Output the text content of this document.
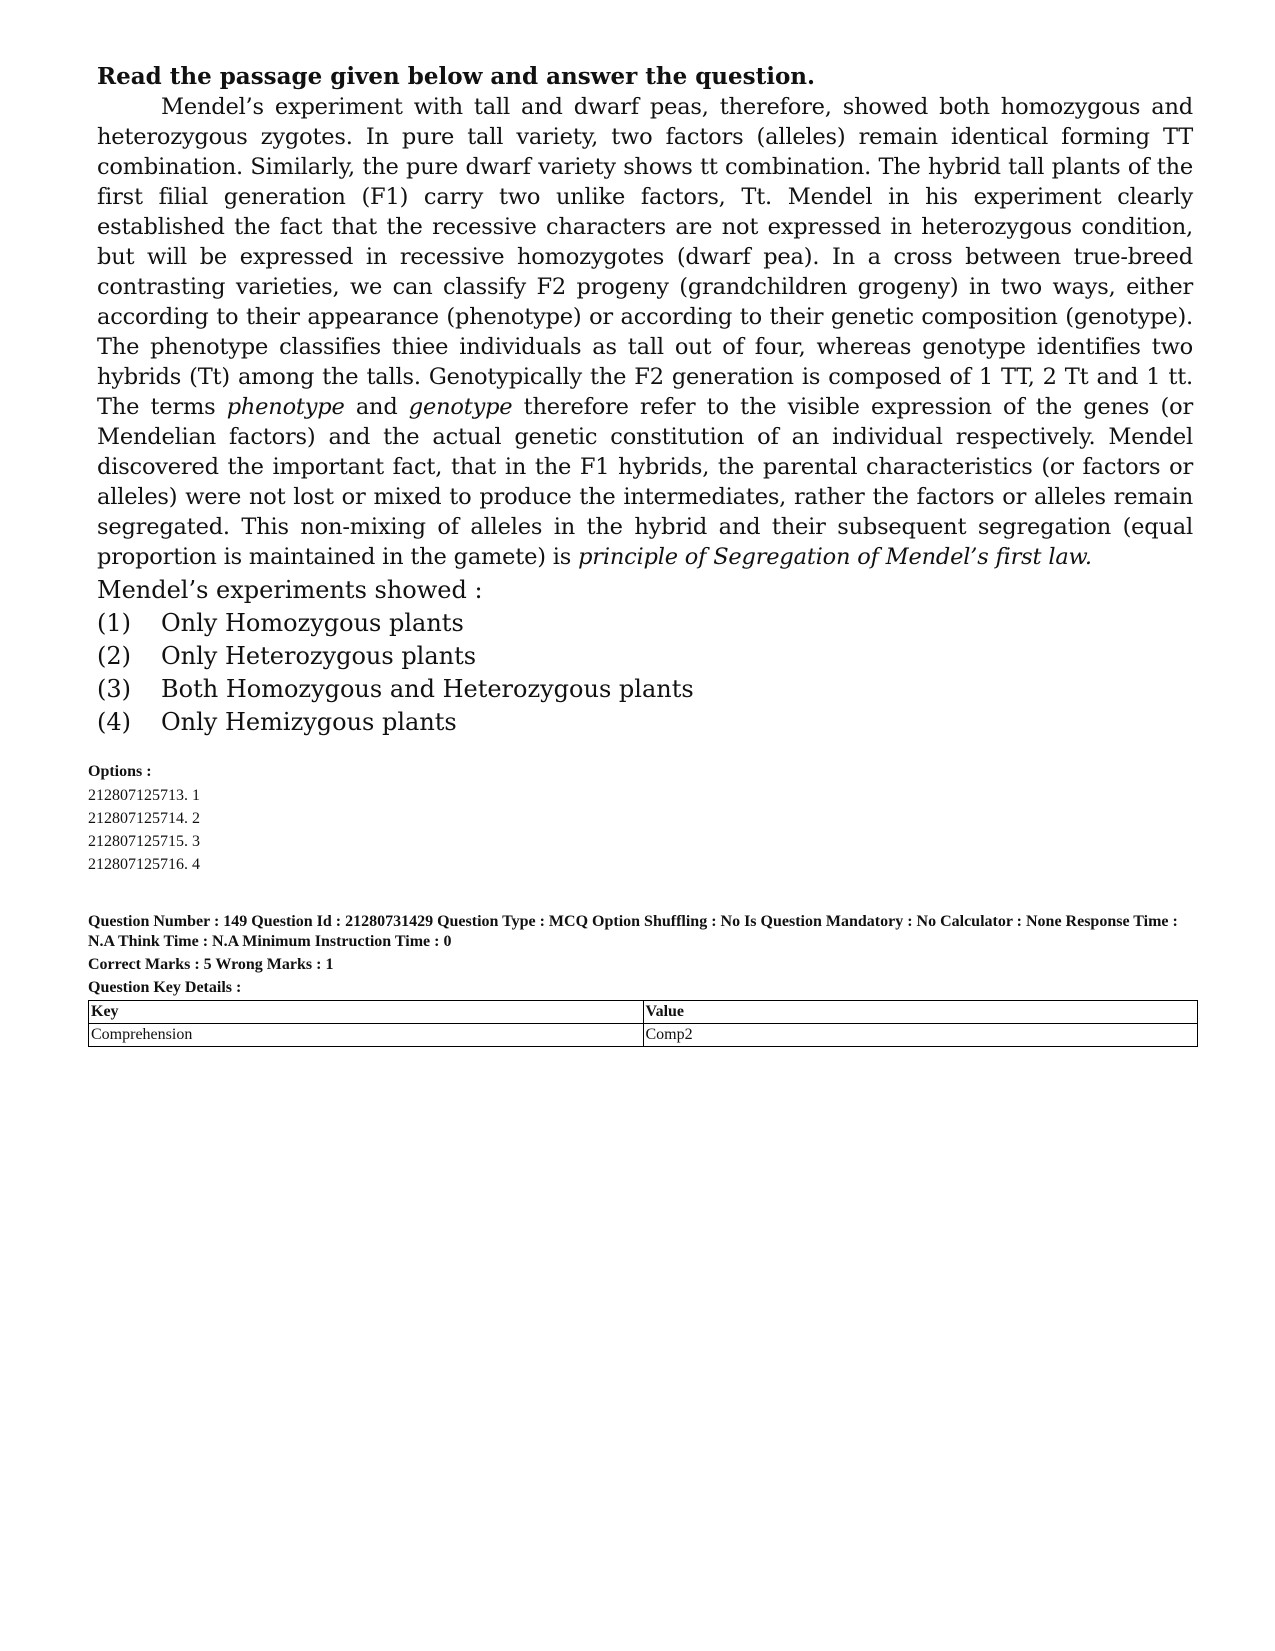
Read the passage given below and answer the question.

Mendel’s experiment with tall and dwarf peas, therefore, showed both homozygous and heterozygous zygotes. In pure tall variety, two factors (alleles) remain identical forming TT combination. Similarly, the pure dwarf variety shows tt combination. The hybrid tall plants of the first filial generation (F1) carry two unlike factors, Tt. Mendel in his experiment clearly established the fact that the recessive characters are not expressed in heterozygous condition, but will be expressed in recessive homozygotes (dwarf pea). In a cross between true-breed contrasting varieties, we can classify F2 progeny (grandchildren grogeny) in two ways, either according to their appearance (phenotype) or according to their genetic composition (genotype). The phenotype classifies thiee individuals as tall out of four, whereas genotype identifies two hybrids (Tt) among the talls. Genotypically the F2 generation is composed of 1 TT, 2 Tt and 1 tt. The terms phenotype and genotype therefore refer to the visible expression of the genes (or Mendelian factors) and the actual genetic constitution of an individual respectively. Mendel discovered the important fact, that in the F1 hybrids, the parental characteristics (or factors or alleles) were not lost or mixed to produce the intermediates, rather the factors or alleles remain segregated. This non-mixing of alleles in the hybrid and their subsequent segregation (equal proportion is maintained in the gamete) is principle of Segregation of Mendel’s first law.

Mendel’s experiments showed :

(1)	Only Homozygous plants
(2)	Only Heterozygous plants
(3)	Both Homozygous and Heterozygous plants
(4)	Only Hemizygous plants

Options :

212807125713. 1

212807125714. 2

212807125715. 3

212807125716. 4

Question Number : 149 Question Id : 21280731429 Question Type : MCQ Option Shuffling : No Is Question Mandatory : No Calculator : None Response Time : N.A Think Time : N.A Minimum Instruction Time : 0

Correct Marks : 5 Wrong Marks : 1

Question Key Details :

Key	Value
Comprehension	Comp2
